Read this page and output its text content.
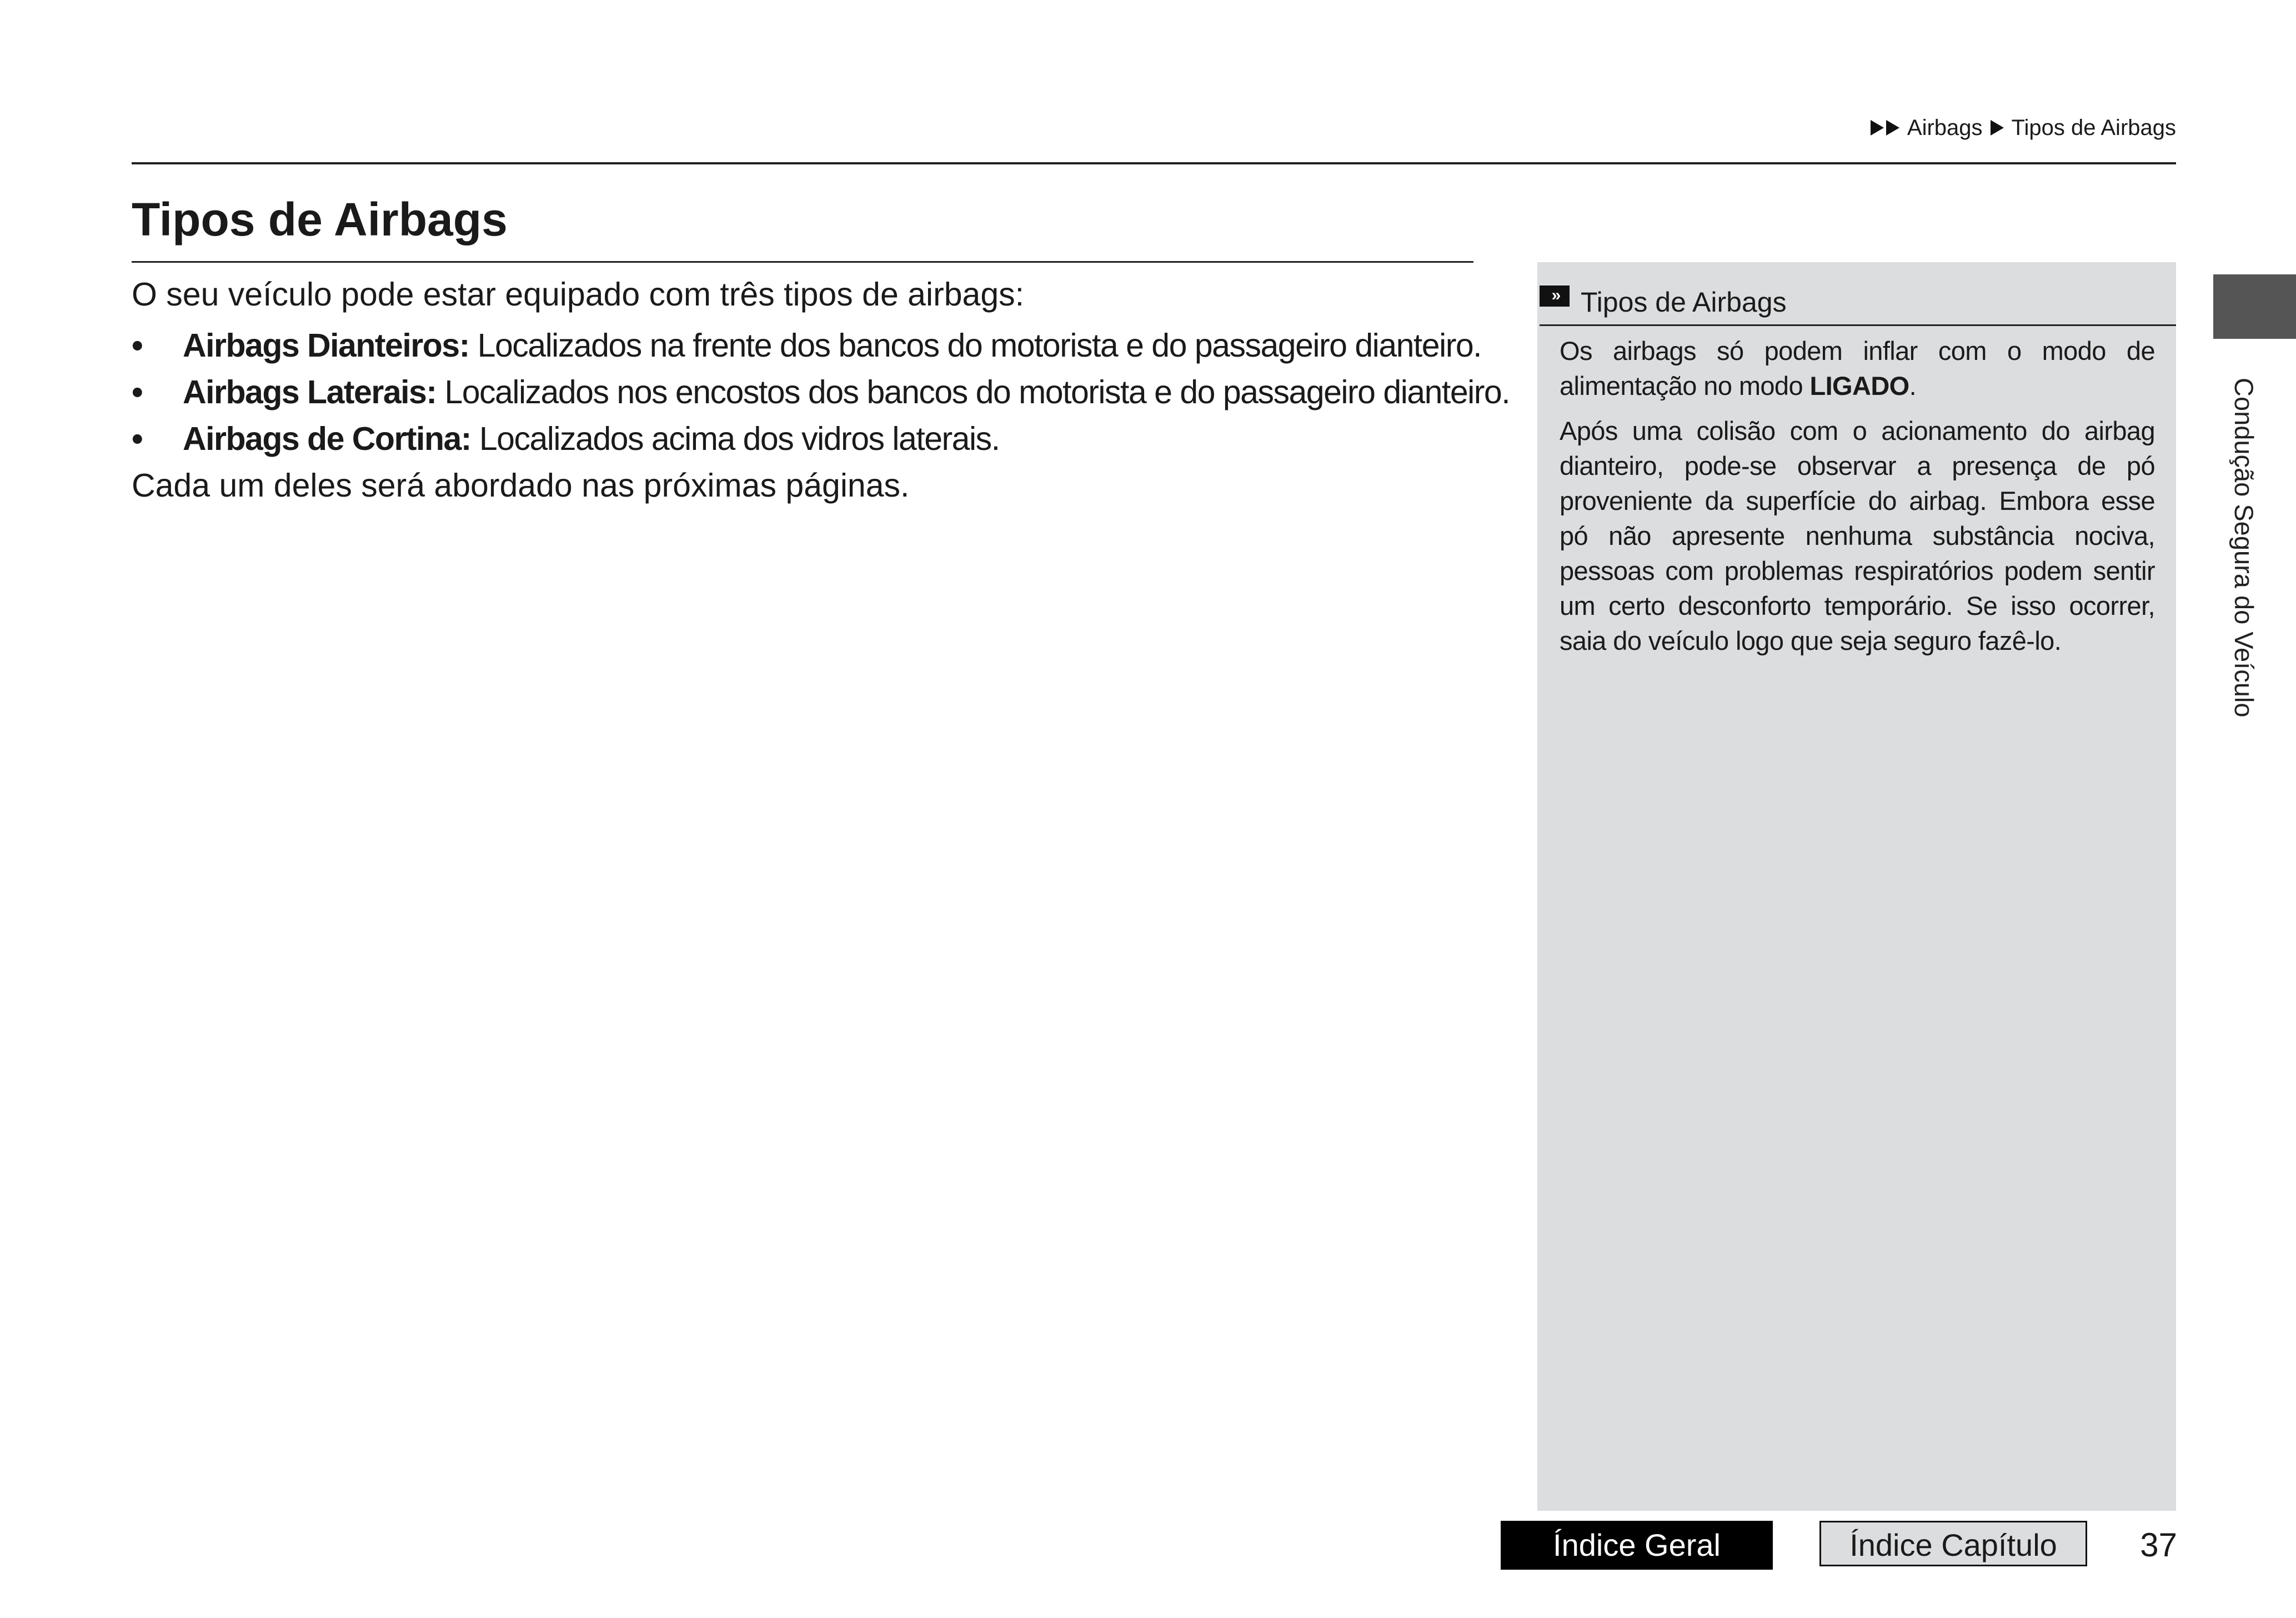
Airbags Tipos de Airbags
Tipos de Airbags

O seu veículo pode estar equipado com três tipos de airbags:

• Airbags Dianteiros: Localizados na frente dos bancos do motorista e do passageiro dianteiro.
• Airbags Laterais: Localizados nos encostos dos bancos do motorista e do passageiro dianteiro.
• Airbags de Cortina: Localizados acima dos vidros laterais.

Cada um deles será abordado nas próximas páginas.

» Tipos de Airbags

Os airbags só podem inflar com o modo de alimentação no modo LIGADO.

Após uma colisão com o acionamento do airbag dianteiro, pode-se observar a presença de pó proveniente da superfície do airbag. Embora esse pó não apresente nenhuma substância nociva, pessoas com problemas respiratórios podem sentir um certo desconforto temporário. Se isso ocorrer, saia do veículo logo que seja seguro fazê-lo.	Condução Segura do Veículo
Índice Geral	Índice Capítulo	37
